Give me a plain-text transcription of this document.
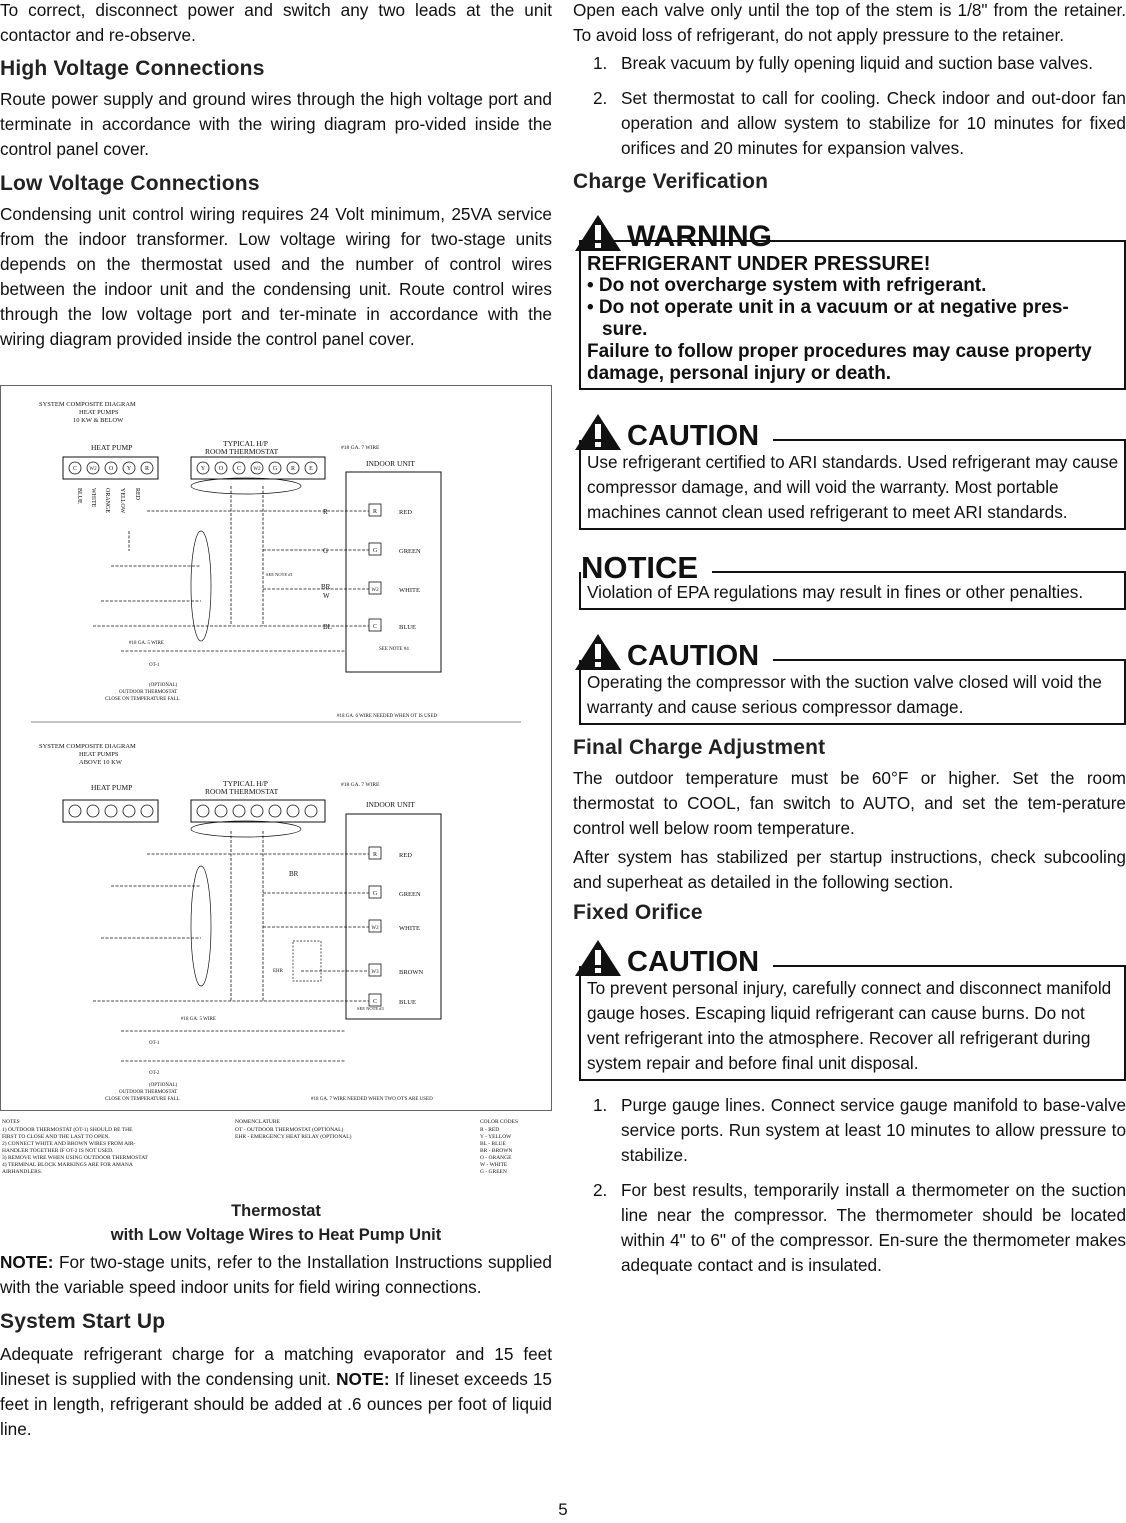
To correct, disconnect power and switch any two leads at the unit contactor and re-observe.

High Voltage Connections

Route power supply and ground wires through the high voltage port and terminate in accordance with the wiring diagram pro-vided inside the control panel cover.

Low Voltage Connections

Condensing unit control wiring requires 24 Volt minimum, 25VA service from the indoor transformer. Low voltage wiring for two-stage units depends on the thermostat used and the number of control wires between the indoor unit and the condensing unit. Route control wires through the low voltage port and ter-minate in accordance with the wiring diagram provided inside the control panel cover.

SYSTEM COMPOSITE DIAGRAM
HEAT PUMPS
10 KW & BELOW
HEAT PUMP	TYPICAL H/P
ROOM THERMOSTAT	#18 GA. 7 WIRE
INDOOR UNIT
C W2 O Y R	Y O C W2 G R E
BLUE WHITE ORANGE YELLOW RED
R
G
W2
C
RED
GREEN
WHITE
BLUE
R
G
BR
W
BL
SEE NOTE #4
SEE NOTE #1
#18 GA. 5 WIRE
OT-1
(OPTIONAL)
OUTDOOR THERMOSTAT
CLOSE ON TEMPERATURE FALL
#18 GA. 6 WIRE NEEDED WHEN OT IS USED
SYSTEM COMPOSITE DIAGRAM
HEAT PUMPS
ABOVE 10 KW
HEAT PUMP	TYPICAL H/P
ROOM THERMOSTAT
#18 GA. 7 WIRE
INDOOR UNIT
R
G
W2
W3
C
RED
GREEN
WHITE
BROWN
BLUE
BR
EHR
SEE NOTE #3
#18 GA. 5 WIRE
OT-1
OT-2
(OPTIONAL)
OUTDOOR THERMOSTAT
CLOSE ON TEMPERATURE FALL	#18 GA. 7 WIRE NEEDED WHEN TWO OT'S ARE USED
NOTES
1) OUTDOOR THERMOSTAT (OT-1) SHOULD BE THE
FIRST TO CLOSE AND THE LAST TO OPEN.
2) CONNECT WHITE AND BROWN WIRES FROM AIR-
HANDLER TOGETHER IF OT-2 IS NOT USED.
3) REMOVE WIRE WHEN USING OUTDOOR THERMOSTAT
4) TERMINAL BLOCK MARKINGS ARE FOR AMANA
AIRHANDLERS.
NOMENCLATURE
OT - OUTDOOR THERMOSTAT (OPTIONAL)
EHR - EMERGENCY HEAT RELAY (OPTIONAL)
COLOR CODES
R - RED
Y - YELLOW
BL - BLUE
BR - BROWN
O - ORANGE
W - WHITE
G - GREEN
Thermostat
with Low Voltage Wires to Heat Pump Unit

NOTE: For two-stage units, refer to the Installation Instructions supplied with the variable speed indoor units for field wiring connections.

System Start Up

Adequate refrigerant charge for a matching evaporator and 15 feet lineset is supplied with the condensing unit. NOTE: If lineset exceeds 15 feet in length, refrigerant should be added at .6 ounces per foot of liquid line.

Open each valve only until the top of the stem is 1/8" from the retainer. To avoid loss of refrigerant, do not apply pressure to the retainer.

1. Break vacuum by fully opening liquid and suction base valves.
2. Set thermostat to call for cooling. Check indoor and out-door fan operation and allow system to stabilize for 10 minutes for fixed orifices and 20 minutes for expansion valves.
Charge Verification
WARNING
REFRIGERANT UNDER PRESSURE!
• Do not overcharge system with refrigerant.
• Do not operate unit in a vacuum or at negative pres-
sure.
Failure to follow proper procedures may cause property damage, personal injury or death.
CAUTION
Use refrigerant certified to ARI standards. Used refrigerant may cause compressor damage, and will void the warranty. Most portable machines cannot clean used refrigerant to meet ARI standards.
NOTICE
Violation of EPA regulations may result in fines or other penalties.
CAUTION
Operating the compressor with the suction valve closed will void the warranty and cause serious compressor damage.
Final Charge Adjustment

The outdoor temperature must be 60°F or higher. Set the room thermostat to COOL, fan switch to AUTO, and set the tem-perature control well below room temperature.

After system has stabilized per startup instructions, check subcooling and superheat as detailed in the following section.

Fixed Orifice
CAUTION
To prevent personal injury, carefully connect and disconnect manifold gauge hoses. Escaping liquid refrigerant can cause burns. Do not vent refrigerant into the atmosphere. Recover all refrigerant during system repair and before final unit disposal.
1. Purge gauge lines. Connect service gauge manifold to base-valve service ports. Run system at least 10 minutes to allow pressure to stabilize.
2. For best results, temporarily install a thermometer on the suction line near the compressor. The thermometer should be located within 4" to 6" of the compressor. En-sure the thermometer makes adequate contact and is insulated.
5
